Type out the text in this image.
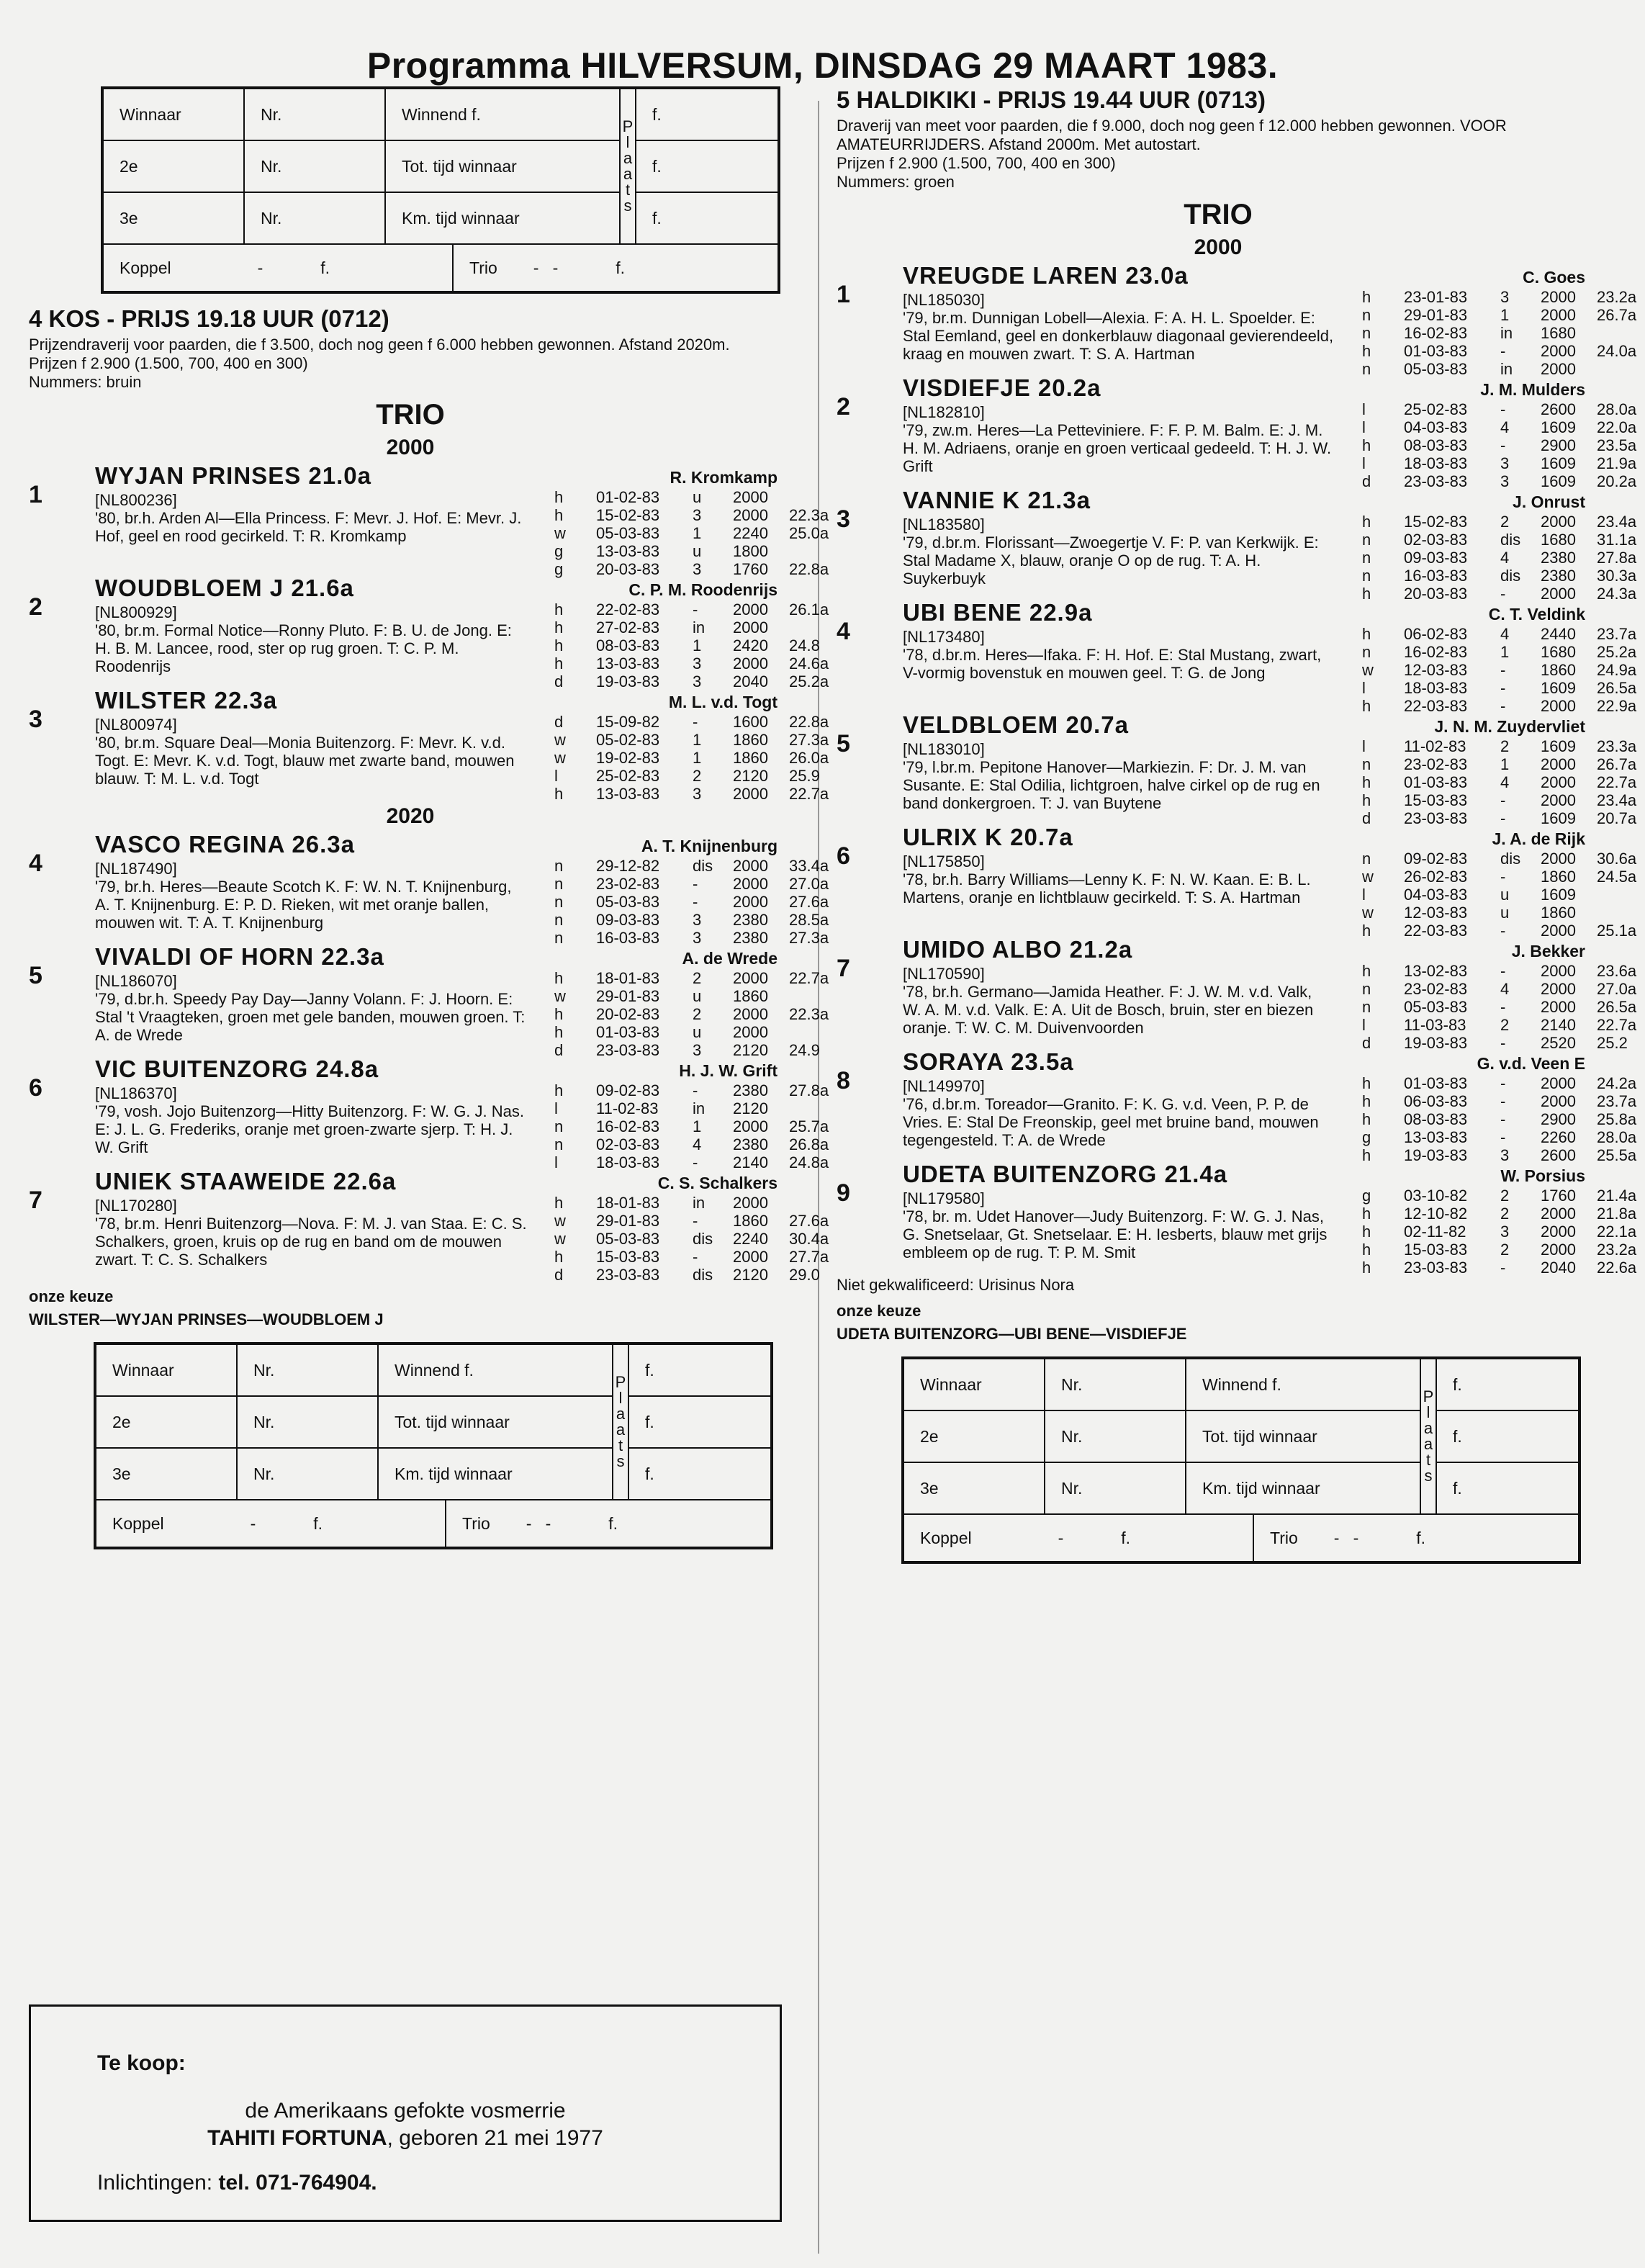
Programma HILVERSUM, DINSDAG 29 MAART 1983.
Winnaar	Nr.	Winnend f.	P l a a t s	f.
2e	Nr.	Tot. tijd winnaar		f.
3e	Nr.	Km. tijd winnaar		f.
Koppel	-	f.	Trio -   -	f.
4 KOS - PRIJS 19.18 UUR (0712)
Prijzendraverij voor paarden, die f 3.500, doch nog geen f 6.000 hebben gewonnen. Afstand 2020m.
Prijzen f 2.900 (1.500, 700, 400 en 300)
Nummers: bruin
TRIO
2000
1
WYJAN PRINSES 21.0a	R. Kromkamp
[NL800236]
'80, br.h. Arden Al—Ella Princess. F: Mevr. J. Hof. E: Mevr. J. Hof, geel en rood gecirkeld. T: R. Kromkamp
h	01-02-83	u	2000
h	15-02-83	3	2000	22.3a
w	05-03-83	1	2240	25.0a
g	13-03-83	u	1800
g	20-03-83	3	1760	22.8a
2
WOUDBLOEM J 21.6a	C. P. M. Roodenrijs
[NL800929]
'80, br.m. Formal Notice—Ronny Pluto. F: B. U. de Jong. E: H. B. M. Lancee, rood, ster op rug groen. T: C. P. M. Roodenrijs
h	22-02-83	-	2000	26.1a
h	27-02-83	in	2000
h	08-03-83	1	2420	24.8
h	13-03-83	3	2000	24.6a
d	19-03-83	3	2040	25.2a
3
WILSTER 22.3a	M. L. v.d. Togt
[NL800974]
'80, br.m. Square Deal—Monia Buitenzorg. F: Mevr. K. v.d. Togt. E: Mevr. K. v.d. Togt, blauw met zwarte band, mouwen blauw. T: M. L. v.d. Togt
d	15-09-82	-	1600	22.8a
w	05-02-83	1	1860	27.3a
w	19-02-83	1	1860	26.0a
l	25-02-83	2	2120	25.9
h	13-03-83	3	2000	22.7a
2020
4
VASCO REGINA 26.3a	A. T. Knijnenburg
[NL187490]
'79, br.h. Heres—Beaute Scotch K. F: W. N. T. Knijnenburg, A. T. Knijnenburg. E: P. D. Rieken, wit met oranje ballen, mouwen wit. T: A. T. Knijnenburg
n	29-12-82	dis	2000	33.4a
n	23-02-83	-	2000	27.0a
n	05-03-83	-	2000	27.6a
n	09-03-83	3	2380	28.5a
n	16-03-83	3	2380	27.3a
5
VIVALDI OF HORN 22.3a	A. de Wrede
[NL186070]
'79, d.br.h. Speedy Pay Day—Janny Volann. F: J. Hoorn. E: Stal 't Vraagteken, groen met gele banden, mouwen groen. T: A. de Wrede
h	18-01-83	2	2000	22.7a
w	29-01-83	u	1860
h	20-02-83	2	2000	22.3a
h	01-03-83	u	2000
d	23-03-83	3	2120	24.9
6
VIC BUITENZORG 24.8a	H. J. W. Grift
[NL186370]
'79, vosh. Jojo Buitenzorg—Hitty Buitenzorg. F: W. G. J. Nas. E: J. L. G. Frederiks, oranje met groen-zwarte sjerp. T: H. J. W. Grift
h	09-02-83	-	2380	27.8a
l	11-02-83	in	2120
n	16-02-83	1	2000	25.7a
n	02-03-83	4	2380	26.8a
l	18-03-83	-	2140	24.8a
7
UNIEK STAAWEIDE 22.6a	C. S. Schalkers
[NL170280]
'78, br.m. Henri Buitenzorg—Nova. F: M. J. van Staa. E: C. S. Schalkers, groen, kruis op de rug en band om de mouwen zwart. T: C. S. Schalkers
h	18-01-83	in	2000
w	29-01-83	-	1860	27.6a
w	05-03-83	dis	2240	30.4a
h	15-03-83	-	2000	27.7a
d	23-03-83	dis	2120	29.0
onze keuze
WILSTER—WYJAN PRINSES—WOUDBLOEM J
Winnaar	Nr.	Winnend f.	P l a a t s	f.
2e	Nr.	Tot. tijd winnaar		f.
3e	Nr.	Km. tijd winnaar		f.
Koppel	-	f.	Trio -   -	f.
5 HALDIKIKI - PRIJS 19.44 UUR (0713)
Draverij van meet voor paarden, die f 9.000, doch nog geen f 12.000 hebben gewonnen. VOOR AMATEURRIJDERS. Afstand 2000m. Met autostart.
Prijzen f 2.900 (1.500, 700, 400 en 300)
Nummers: groen
TRIO
2000
1
VREUGDE LAREN 23.0a	C. Goes
[NL185030]
'79, br.m. Dunnigan Lobell—Alexia. F: A. H. L. Spoelder. E: Stal Eemland, geel en donkerblauw diagonaal gevierendeeld, kraag en mouwen zwart. T: S. A. Hartman
h	23-01-83	3	2000	23.2a
n	29-01-83	1	2000	26.7a
n	16-02-83	in	1680
h	01-03-83	-	2000	24.0a
n	05-03-83	in	2000
2
VISDIEFJE 20.2a	J. M. Mulders
[NL182810]
'79, zw.m. Heres—La Petteviniere. F: F. P. M. Balm. E: J. M. H. M. Adriaens, oranje en groen verticaal gedeeld. T: H. J. W. Grift
l	25-02-83	-	2600	28.0a
l	04-03-83	4	1609	22.0a
h	08-03-83	-	2900	23.5a
l	18-03-83	3	1609	21.9a
d	23-03-83	3	1609	20.2a
3
VANNIE K 21.3a	J. Onrust
[NL183580]
'79, d.br.m. Florissant—Zwoegertje V. F: P. van Kerkwijk. E: Stal Madame X, blauw, oranje O op de rug. T: A. H. Suykerbuyk
h	15-02-83	2	2000	23.4a
n	02-03-83	dis	1680	31.1a
n	09-03-83	4	2380	27.8a
n	16-03-83	dis	2380	30.3a
h	20-03-83	-	2000	24.3a
4
UBI BENE 22.9a	C. T. Veldink
[NL173480]
'78, d.br.m. Heres—Ifaka. F: H. Hof. E: Stal Mustang, zwart, V-vormig bovenstuk en mouwen geel. T: G. de Jong
h	06-02-83	4	2440	23.7a
n	16-02-83	1	1680	25.2a
w	12-03-83	-	1860	24.9a
l	18-03-83	-	1609	26.5a
h	22-03-83	-	2000	22.9a
5
VELDBLOEM 20.7a	J. N. M. Zuydervliet
[NL183010]
'79, l.br.m. Pepitone Hanover—Markiezin. F: Dr. J. M. van Susante. E: Stal Odilia, lichtgroen, halve cirkel op de rug en band donkergroen. T: J. van Buytene
l	11-02-83	2	1609	23.3a
n	23-02-83	1	2000	26.7a
h	01-03-83	4	2000	22.7a
h	15-03-83	-	2000	23.4a
d	23-03-83	-	1609	20.7a
6
ULRIX K 20.7a	J. A. de Rijk
[NL175850]
'78, br.h. Barry Williams—Lenny K. F: N. W. Kaan. E: B. L. Martens, oranje en lichtblauw gecirkeld. T: S. A. Hartman
n	09-02-83	dis	2000	30.6a
w	26-02-83	-	1860	24.5a
l	04-03-83	u	1609
w	12-03-83	u	1860
h	22-03-83	-	2000	25.1a
7
UMIDO ALBO 21.2a	J. Bekker
[NL170590]
'78, br.h. Germano—Jamida Heather. F: J. W. M. v.d. Valk, W. A. M. v.d. Valk. E: A. Uit de Bosch, bruin, ster en biezen oranje. T: W. C. M. Duivenvoorden
h	13-02-83	-	2000	23.6a
n	23-02-83	4	2000	27.0a
n	05-03-83	-	2000	26.5a
l	11-03-83	2	2140	22.7a
d	19-03-83	-	2520	25.2
8
SORAYA 23.5a	G. v.d. Veen E
[NL149970]
'76, d.br.m. Toreador—Granito. F: K. G. v.d. Veen, P. P. de Vries. E: Stal De Freonskip, geel met bruine band, mouwen tegengesteld. T: A. de Wrede
h	01-03-83	-	2000	24.2a
h	06-03-83	-	2000	23.7a
h	08-03-83	-	2900	25.8a
g	13-03-83	-	2260	28.0a
h	19-03-83	3	2600	25.5a
9
UDETA BUITENZORG 21.4a	W. Porsius
[NL179580]
'78, br. m. Udet Hanover—Judy Buitenzorg. F: W. G. J. Nas, G. Snetselaar, Gt. Snetselaar. E: H. Iesberts, blauw met grijs embleem op de rug. T: P. M. Smit
g	03-10-82	2	1760	21.4a
h	12-10-82	2	2000	21.8a
h	02-11-82	3	2000	22.1a
h	15-03-83	2	2000	23.2a
h	23-03-83	-	2040	22.6a
Niet gekwalificeerd: Urisinus Nora
onze keuze
UDETA BUITENZORG—UBI BENE—VISDIEFJE
Winnaar	Nr.	Winnend f.	P l a a t s	f.
2e	Nr.	Tot. tijd winnaar		f.
3e	Nr.	Km. tijd winnaar		f.
Koppel	-	f.	Trio -   -	f.
Te koop:
de Amerikaans gefokte vosmerrie
TAHITI FORTUNA, geboren 21 mei 1977
Inlichtingen: tel. 071-764904.
